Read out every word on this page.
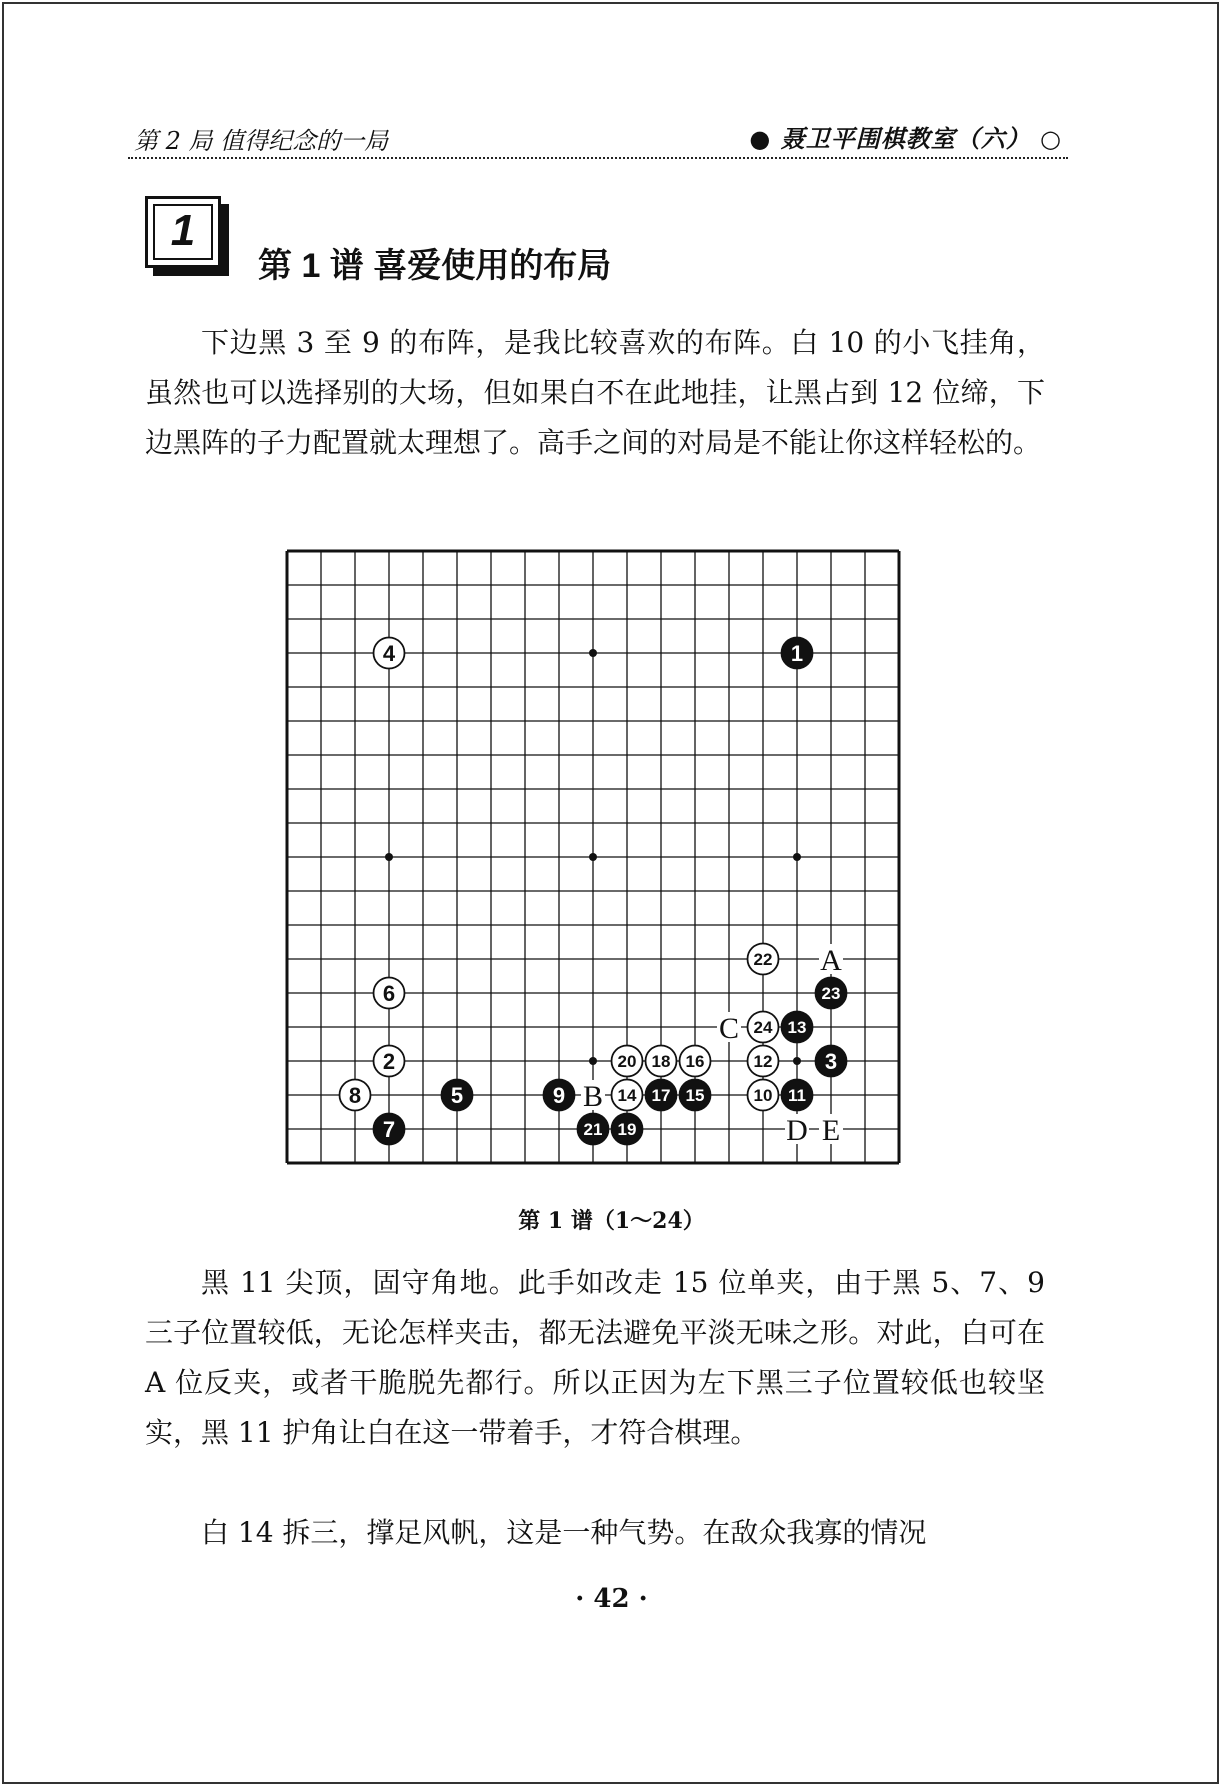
第 2 局 值得纪念的一局	● 聂卫平围棋教室（六） ○
1
第 1 谱 喜爱使用的布局
下边黑 3 至 9 的布阵，是我比较喜欢的布阵。白 10 的小飞挂角，虽然也可以选择别的大场，但如果白不在此地挂，让黑占到 12 位缔，下边黑阵的子力配置就太理想了。高手之间的对局是不能让你这样轻松的。
1
2	3
4
5
6
7
8	9	10 11
12
13
14	15
16
17
18
19
20
21
22
23
24
A
B
C
D E
第 1 谱（1～24）
黑 11 尖顶，固守角地。此手如改走 15 位单夹，由于黑 5、7、9 三子位置较低，无论怎样夹击，都无法避免平淡无味之形。对此，白可在 A 位反夹，或者干脆脱先都行。所以正因为左下黑三子位置较低也较坚实，黑 11 护角让白在这一带着手，才符合棋理。
白 14 拆三，撑足风帆，这是一种气势。在敌众我寡的情况
· 42 ·
